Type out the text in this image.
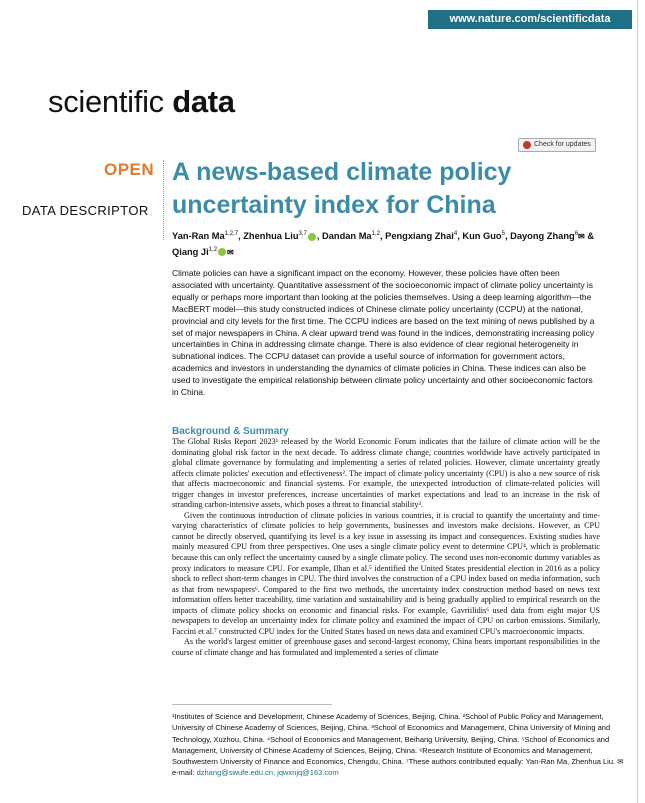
www.nature.com/scientificdata
scientific data
Check for updates
OPEN
DATA DESCRIPTOR
A news-based climate policy uncertainty index for China
Yan-Ran Ma$^{1,2,7}$, Zhenhua Liu$^{3,7}$ , Dandan Ma$^{1,2}$, Pengxiang Zhai$^4$, Kun Guo$^5$, Dayong Zhang$^6$✉ & Qiang Ji$^{1,2}$ ✉
Climate policies can have a significant impact on the economy. However, these policies have often been associated with uncertainty. Quantitative assessment of the socioeconomic impact of climate policy uncertainty is equally or perhaps more important than looking at the policies themselves. Using a deep learning algorithm—the MacBERT model—this study constructed indices of Chinese climate policy uncertainty (CCPU) at the national, provincial and city levels for the first time. The CCPU indices are based on the text mining of news published by a set of major newspapers in China. A clear upward trend was found in the indices, demonstrating increasing policy uncertainties in China in addressing climate change. There is also evidence of clear regional heterogeneity in subnational indices. The CCPU dataset can provide a useful source of information for government actors, academics and investors in understanding the dynamics of climate policies in China. These indices can also be used to investigate the empirical relationship between climate policy uncertainty and other socioeconomic factors in China.
Background & Summary

The Global Risks Report 2023¹ released by the World Economic Forum indicates that the failure of climate action will be the dominating global risk factor in the next decade. To address climate change, countries worldwide have actively participated in global climate governance by formulating and implementing a series of related policies. However, climate uncertainty greatly affects climate policies' execution and effectiveness². The impact of climate policy uncertainty (CPU) is also a new source of risk that affects macroeconomic and financial systems. For example, the unexpected introduction of climate-related policies will trigger changes in investor preferences, increase uncertainties of market expectations and lead to an increase in the risk of stranding carbon-intensive assets, which poses a threat to financial stability³.

Given the continuous introduction of climate policies in various countries, it is crucial to quantify the uncertainty and time-varying characteristics of climate policies to help governments, businesses and investors make decisions. However, as CPU cannot be directly observed, quantifying its level is a key issue in assessing its impact and consequences. Existing studies have mainly measured CPU from three perspectives. One uses a single climate policy event to determine CPU⁴, which is problematic because this can only reflect the uncertainty caused by a single climate policy. The second uses non-economic dummy variables as proxy indicators to measure CPU. For example, Ilhan et al.⁵ identified the United States presidential election in 2016 as a policy shock to reflect short-term changes in CPU. The third involves the construction of a CPU index based on media information, such as that from newspapers⁶. Compared to the first two methods, the uncertainty index construction method based on news text information offers better traceability, time variation and sustainability and is being gradually applied to empirical research on the impacts of climate policy shocks on economic and financial risks. For example, Gavriilidis⁶ used data from eight major US newspapers to develop an uncertainty index for climate policy and examined the impact of CPU on carbon emissions. Similarly, Faccini et al.⁷ constructed CPU index for the United States based on news data and examined CPU's macroeconomic impacts.

As the world's largest emitter of greenhouse gases and second-largest economy, China bears important responsibilities in the course of climate change and has formulated and implemented a series of climate

¹Institutes of Science and Development, Chinese Academy of Sciences, Beijing, China. ²School of Public Policy and Management, University of Chinese Academy of Sciences, Beijing, China. ³School of Economics and Management, China University of Mining and Technology, Xuzhou, China. ⁴School of Economics and Management, Beihang University, Beijing, China. ⁵School of Economics and Management, University of Chinese Academy of Sciences, Beijing, China. ⁶Research Institute of Economics and Management, Southwestern University of Finance and Economics, Chengdu, China. ⁷These authors contributed equally: Yan-Ran Ma, Zhenhua Liu. ✉e-mail: dzhang@swufe.edu.cn; jqwxnjq@163.com
